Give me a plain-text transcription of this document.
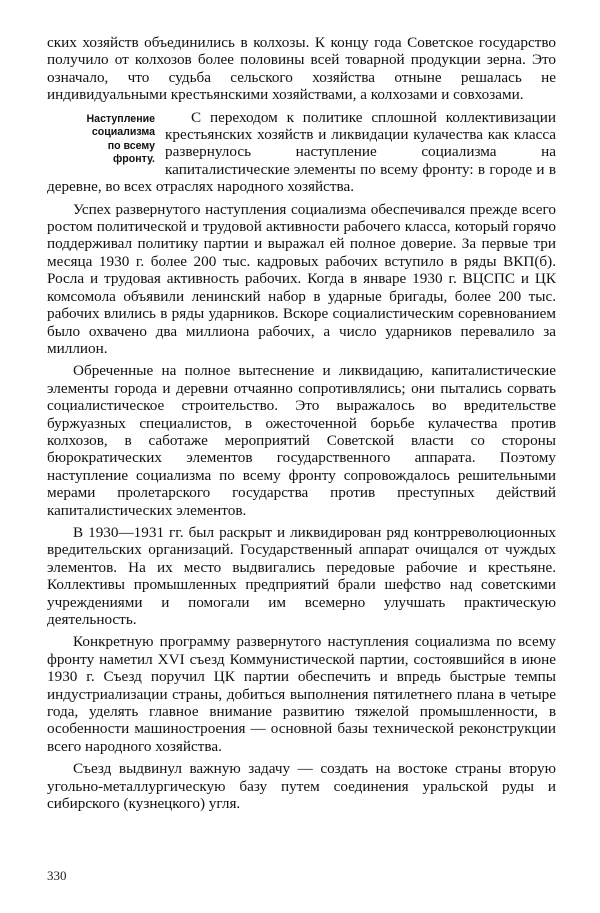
ских хозяйств объединились в колхозы. К концу года Советское государство получило от колхозов более половины всей товарной продукции зерна. Это означало, что судьба сельского хозяйства отныне решалась не индивидуальными крестьянскими хозяйствами, а колхозами и совхозами.

Наступление
социализма
по всему фронту.
С переходом к политике сплошной коллективизации крестьянских хозяйств и ликвидации кулачества как класса развернулось наступление социализма на капиталистические элементы по всему фронту: в городе и в деревне, во всех отраслях народного хозяйства.

Успех развернутого наступления социализма обеспечивался прежде всего ростом политической и трудовой активности рабочего класса, который горячо поддерживал политику партии и выражал ей полное доверие. За первые три месяца 1930 г. более 200 тыс. кадровых рабочих вступило в ряды ВКП(б). Росла и трудовая активность рабочих. Когда в январе 1930 г. ВЦСПС и ЦК комсомола объявили ленинский набор в ударные бригады, более 200 тыс. рабочих влились в ряды ударников. Вскоре социалистическим соревнованием было охвачено два миллиона рабочих, а число ударников перевалило за миллион.

Обреченные на полное вытеснение и ликвидацию, капиталистические элементы города и деревни отчаянно сопротивлялись; они пытались сорвать социалистическое строительство. Это выражалось во вредительстве буржуазных специалистов, в ожесточенной борьбе кулачества против колхозов, в саботаже мероприятий Советской власти со стороны бюрократических элементов государственного аппарата. Поэтому наступление социализма по всему фронту сопровождалось решительными мерами пролетарского государства против преступных действий капиталистических элементов.

В 1930—1931 гг. был раскрыт и ликвидирован ряд контрреволюционных вредительских организаций. Государственный аппарат очищался от чуждых элементов. На их место выдвигались передовые рабочие и крестьяне. Коллективы промышленных предприятий брали шефство над советскими учреждениями и помогали им всемерно улучшать практическую деятельность.

Конкретную программу развернутого наступления социализма по всему фронту наметил XVI съезд Коммунистической партии, состоявшийся в июне 1930 г. Съезд поручил ЦК партии обеспечить и впредь быстрые темпы индустриализации страны, добиться выполнения пятилетнего плана в четыре года, уделять главное внимание развитию тяжелой промышленности, в особенности машиностроения — основной базы технической реконструкции всего народного хозяйства.

Съезд выдвинул важную задачу — создать на востоке страны вторую угольно-металлургическую базу путем соединения уральской руды и сибирского (кузнецкого) угля.

330
